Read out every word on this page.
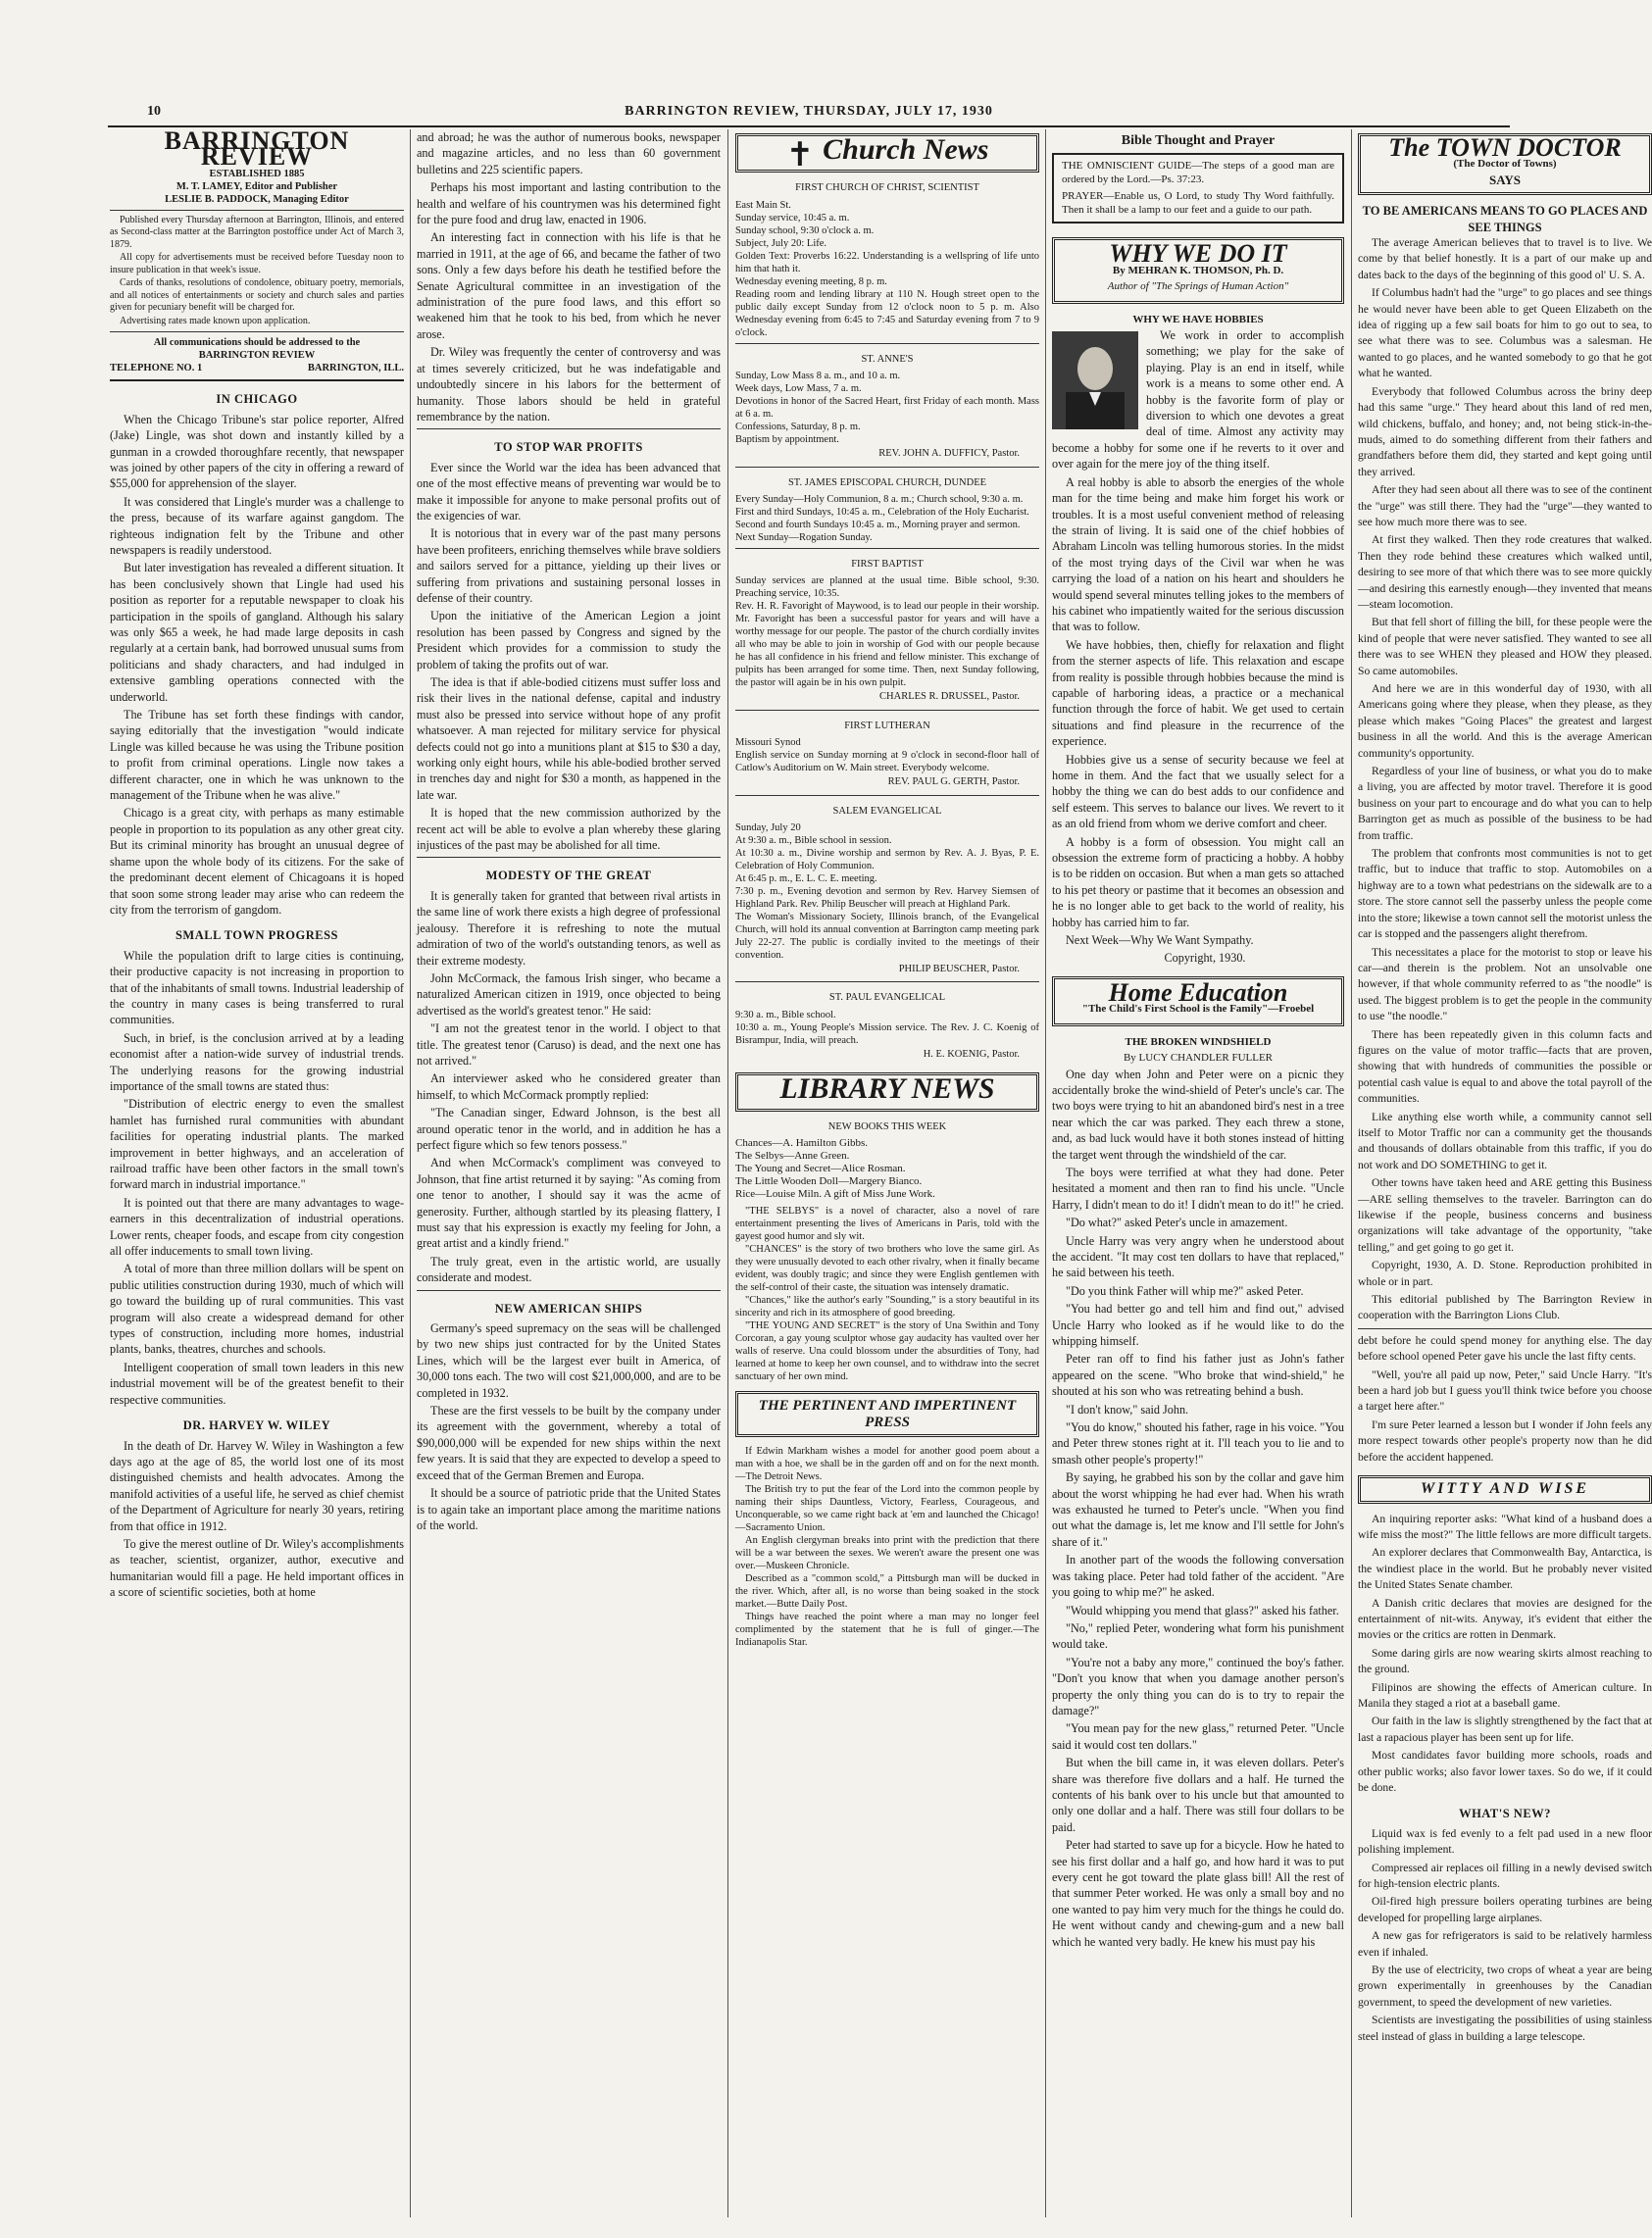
10	BARRINGTON REVIEW, THURSDAY, JULY 17, 1930
BARRINGTON REVIEW
ESTABLISHED 1885
M. T. LAMEY, Editor and Publisher
LESLIE B. PADDOCK, Managing Editor

Published every Thursday afternoon at Barrington, Illinois, and entered as Second-class matter at the Barrington postoffice under Act of March 3, 1879.

All copy for advertisements must be received before Tuesday noon to insure publication in that week's issue.

Cards of thanks, resolutions of condolence, obituary poetry, memorials, and all notices of entertainments or society and church sales and parties given for pecuniary benefit will be charged for.

Advertising rates made known upon application.

All communications should be addressed to the
BARRINGTON REVIEW
TELEPHONE NO. 1	BARRINGTON, ILL.
IN CHICAGO

When the Chicago Tribune's star police reporter, Alfred (Jake) Lingle, was shot down and instantly killed by a gunman in a crowded thoroughfare recently, that newspaper was joined by other papers of the city in offering a reward of $55,000 for apprehension of the slayer.

It was considered that Lingle's murder was a challenge to the press, because of its warfare against gangdom. The righteous indignation felt by the Tribune and other newspapers is readily understood.

But later investigation has revealed a different situation. It has been conclusively shown that Lingle had used his position as reporter for a reputable newspaper to cloak his participation in the spoils of gangland. Although his salary was only $65 a week, he had made large deposits in cash regularly at a certain bank, had borrowed unusual sums from politicians and shady characters, and had indulged in extensive gambling operations connected with the underworld.

The Tribune has set forth these findings with candor, saying editorially that the investigation "would indicate Lingle was killed because he was using the Tribune position to profit from criminal operations. Lingle now takes a different character, one in which he was unknown to the management of the Tribune when he was alive."

Chicago is a great city, with perhaps as many estimable people in proportion to its population as any other great city. But its criminal minority has brought an unusual degree of shame upon the whole body of its citizens. For the sake of the predominant decent element of Chicagoans it is hoped that soon some strong leader may arise who can redeem the city from the terrorism of gangdom.

SMALL TOWN PROGRESS

While the population drift to large cities is continuing, their productive capacity is not increasing in proportion to that of the inhabitants of small towns. Industrial leadership of the country in many cases is being transferred to rural communities.

Such, in brief, is the conclusion arrived at by a leading economist after a nation-wide survey of industrial trends. The underlying reasons for the growing industrial importance of the small towns are stated thus:

"Distribution of electric energy to even the smallest hamlet has furnished rural communities with abundant facilities for operating industrial plants. The marked improvement in better highways, and an acceleration of railroad traffic have been other factors in the small town's forward march in industrial importance."

It is pointed out that there are many advantages to wage-earners in this decentralization of industrial operations. Lower rents, cheaper foods, and escape from city congestion all offer inducements to small town living.

A total of more than three million dollars will be spent on public utilities construction during 1930, much of which will go toward the building up of rural communities. This vast program will also create a widespread demand for other types of construction, including more homes, industrial plants, banks, theatres, churches and schools.

Intelligent cooperation of small town leaders in this new industrial movement will be of the greatest benefit to their respective communities.

DR. HARVEY W. WILEY

In the death of Dr. Harvey W. Wiley in Washington a few days ago at the age of 85, the world lost one of its most distinguished chemists and health advocates. Among the manifold activities of a useful life, he served as chief chemist of the Department of Agriculture for nearly 30 years, retiring from that office in 1912.

To give the merest outline of Dr. Wiley's accomplishments as teacher, scientist, organizer, author, executive and humanitarian would fill a page. He held important offices in a score of scientific societies, both at home

and abroad; he was the author of numerous books, newspaper and magazine articles, and no less than 60 government bulletins and 225 scientific papers.

Perhaps his most important and lasting contribution to the health and welfare of his countrymen was his determined fight for the pure food and drug law, enacted in 1906.

An interesting fact in connection with his life is that he married in 1911, at the age of 66, and became the father of two sons. Only a few days before his death he testified before the Senate Agricultural committee in an investigation of the administration of the pure food laws, and this effort so weakened him that he took to his bed, from which he never arose.

Dr. Wiley was frequently the center of controversy and was at times severely criticized, but he was indefatigable and undoubtedly sincere in his labors for the betterment of humanity. Those labors should be held in grateful remembrance by the nation.

TO STOP WAR PROFITS

Ever since the World war the idea has been advanced that one of the most effective means of preventing war would be to make it impossible for anyone to make personal profits out of the exigencies of war.

It is notorious that in every war of the past many persons have been profiteers, enriching themselves while brave soldiers and sailors served for a pittance, yielding up their lives or suffering from privations and sustaining personal losses in defense of their country.

Upon the initiative of the American Legion a joint resolution has been passed by Congress and signed by the President which provides for a commission to study the problem of taking the profits out of war.

The idea is that if able-bodied citizens must suffer loss and risk their lives in the national defense, capital and industry must also be pressed into service without hope of any profit whatsoever. A man rejected for military service for physical defects could not go into a munitions plant at $15 to $30 a day, working only eight hours, while his able-bodied brother served in trenches day and night for $30 a month, as happened in the late war.

It is hoped that the new commission authorized by the recent act will be able to evolve a plan whereby these glaring injustices of the past may be abolished for all time.

MODESTY OF THE GREAT

It is generally taken for granted that between rival artists in the same line of work there exists a high degree of professional jealousy. Therefore it is refreshing to note the mutual admiration of two of the world's outstanding tenors, as well as their extreme modesty.

John McCormack, the famous Irish singer, who became a naturalized American citizen in 1919, once objected to being advertised as the world's greatest tenor." He said:

"I am not the greatest tenor in the world. I object to that title. The greatest tenor (Caruso) is dead, and the next one has not arrived."

An interviewer asked who he considered greater than himself, to which McCormack promptly replied:

"The Canadian singer, Edward Johnson, is the best all around operatic tenor in the world, and in addition he has a perfect figure which so few tenors possess."

And when McCormack's compliment was conveyed to Johnson, that fine artist returned it by saying: "As coming from one tenor to another, I should say it was the acme of generosity. Further, although startled by its pleasing flattery, I must say that his expression is exactly my feeling for John, a great artist and a kindly friend."

The truly great, even in the artistic world, are usually considerate and modest.

NEW AMERICAN SHIPS

Germany's speed supremacy on the seas will be challenged by two new ships just contracted for by the United States Lines, which will be the largest ever built in America, of 30,000 tons each. The two will cost $21,000,000, and are to be completed in 1932.

These are the first vessels to be built by the company under its agreement with the government, whereby a total of $90,000,000 will be expended for new ships within the next few years. It is said that they are expected to develop a speed to exceed that of the German Bremen and Europa.

It should be a source of patriotic pride that the United States is to again take an important place among the maritime nations of the world.

✝ Church News
FIRST CHURCH OF CHRIST, SCIENTIST

East Main St.

Sunday service, 10:45 a. m.

Sunday school, 9:30 o'clock a. m.

Subject, July 20: Life.

Golden Text: Proverbs 16:22. Understanding is a wellspring of life unto him that hath it.

Wednesday evening meeting, 8 p. m.

Reading room and lending library at 110 N. Hough street open to the public daily except Sunday from 12 o'clock noon to 5 p. m. Also Wednesday evening from 6:45 to 7:45 and Saturday evening from 7 to 9 o'clock.

ST. ANNE'S

Sunday, Low Mass 8 a. m., and 10 a. m.

Week days, Low Mass, 7 a. m.

Devotions in honor of the Sacred Heart, first Friday of each month. Mass at 6 a. m.

Confessions, Saturday, 8 p. m.

Baptism by appointment.

REV. JOHN A. DUFFICY, Pastor.
ST. JAMES EPISCOPAL CHURCH, DUNDEE

Every Sunday—Holy Communion, 8 a. m.; Church school, 9:30 a. m.

First and third Sundays, 10:45 a. m., Celebration of the Holy Eucharist.

Second and fourth Sundays 10:45 a. m., Morning prayer and sermon.

Next Sunday—Rogation Sunday.

FIRST BAPTIST

Sunday services are planned at the usual time. Bible school, 9:30. Preaching service, 10:35.

Rev. H. R. Favoright of Maywood, is to lead our people in their worship. Mr. Favoright has been a successful pastor for years and will have a worthy message for our people. The pastor of the church cordially invites all who may be able to join in worship of God with our people because he has all confidence in his friend and fellow minister. This exchange of pulpits has been arranged for some time. Then, next Sunday following, the pastor will again be in his own pulpit.

CHARLES R. DRUSSEL, Pastor.
FIRST LUTHERAN

Missouri Synod

English service on Sunday morning at 9 o'clock in second-floor hall of Catlow's Auditorium on W. Main street. Everybody welcome.

REV. PAUL G. GERTH, Pastor.
SALEM EVANGELICAL

Sunday, July 20

At 9:30 a. m., Bible school in session.

At 10:30 a. m., Divine worship and sermon by Rev. A. J. Byas, P. E. Celebration of Holy Communion.

At 6:45 p. m., E. L. C. E. meeting.

7:30 p. m., Evening devotion and sermon by Rev. Harvey Siemsen of Highland Park. Rev. Philip Beuscher will preach at Highland Park.

The Woman's Missionary Society, Illinois branch, of the Evangelical Church, will hold its annual convention at Barrington camp meeting park July 22-27. The public is cordially invited to the meetings of their convention.

PHILIP BEUSCHER, Pastor.
ST. PAUL EVANGELICAL

9:30 a. m., Bible school.

10:30 a. m., Young People's Mission service. The Rev. J. C. Koenig of Bisrampur, India, will preach.

H. E. KOENIG, Pastor.
LIBRARY NEWS
NEW BOOKS THIS WEEK

Chances—A. Hamilton Gibbs.

The Selbys—Anne Green.

The Young and Secret—Alice Rosman.

The Little Wooden Doll—Margery Bianco.

Rice—Louise Miln. A gift of Miss June Work.

"THE SELBYS" is a novel of character, also a novel of rare entertainment presenting the lives of Americans in Paris, told with the gayest good humor and sly wit.

"CHANCES" is the story of two brothers who love the same girl. As they were unusually devoted to each other rivalry, when it finally became evident, was doubly tragic; and since they were English gentlemen with the self-control of their caste, the situation was intensely dramatic.

"Chances," like the author's early "Sounding," is a story beautiful in its sincerity and rich in its atmosphere of good breeding.

"THE YOUNG AND SECRET" is the story of Una Swithin and Tony Corcoran, a gay young sculptor whose gay audacity has vaulted over her walls of reserve. Una could blossom under the absurdities of Tony, had learned at home to keep her own counsel, and to withdraw into the secret sanctuary of her own mind.

THE PERTINENT AND IMPERTINENT PRESS

If Edwin Markham wishes a model for another good poem about a man with a hoe, we shall be in the garden off and on for the next month.—The Detroit News.

The British try to put the fear of the Lord into the common people by naming their ships Dauntless, Victory, Fearless, Courageous, and Unconquerable, so we came right back at 'em and launched the Chicago!—Sacramento Union.

An English clergyman breaks into print with the prediction that there will be a war between the sexes. We weren't aware the present one was over.—Muskeen Chronicle.

Described as a "common scold," a Pittsburgh man will be ducked in the river. Which, after all, is no worse than being soaked in the stock market.—Butte Daily Post.

Things have reached the point where a man may no longer feel complimented by the statement that he is full of ginger.—The Indianapolis Star.

Bible Thought and Prayer
THE OMNISCIENT GUIDE—The steps of a good man are ordered by the Lord.—Ps. 37:23.
PRAYER—Enable us, O Lord, to study Thy Word faithfully. Then it shall be a lamp to our feet and a guide to our path.
WHY WE DO IT
By MEHRAN K. THOMSON, Ph. D.
Author of "The Springs of Human Action"
WHY WE HAVE HOBBIES

We work in order to accomplish something; we play for the sake of playing. Play is an end in itself, while work is a means to some other end. A hobby is the favorite form of play or diversion to which one devotes a great deal of time. Almost any activity may become a hobby for some one if he reverts to it over and over again for the mere joy of the thing itself.

A real hobby is able to absorb the energies of the whole man for the time being and make him forget his work or troubles. It is a most useful convenient method of releasing the strain of living. It is said one of the chief hobbies of Abraham Lincoln was telling humorous stories. In the midst of the most trying days of the Civil war when he was carrying the load of a nation on his heart and shoulders he would spend several minutes telling jokes to the members of his cabinet who impatiently waited for the serious discussion that was to follow.

We have hobbies, then, chiefly for relaxation and flight from the sterner aspects of life. This relaxation and escape from reality is possible through hobbies because the mind is capable of harboring ideas, a practice or a mechanical function through the force of habit. We get used to certain situations and find pleasure in the recurrence of the experience.

Hobbies give us a sense of security because we feel at home in them. And the fact that we usually select for a hobby the thing we can do best adds to our confidence and self esteem. This serves to balance our lives. We revert to it as an old friend from whom we derive comfort and cheer.

A hobby is a form of obsession. You might call an obsession the extreme form of practicing a hobby. A hobby is to be ridden on occasion. But when a man gets so attached to his pet theory or pastime that it becomes an obsession and he is no longer able to get back to the world of reality, his hobby has carried him to far.

Next Week—Why We Want Sympathy.

Copyright, 1930.

Home Education
"The Child's First School is the Family"—Froebel
THE BROKEN WINDSHIELD
By LUCY CHANDLER FULLER

One day when John and Peter were on a picnic they accidentally broke the wind-shield of Peter's uncle's car. The two boys were trying to hit an abandoned bird's nest in a tree near which the car was parked. They each threw a stone, and, as bad luck would have it both stones instead of hitting the target went through the windshield of the car.

The boys were terrified at what they had done. Peter hesitated a moment and then ran to find his uncle. "Uncle Harry, I didn't mean to do it! I didn't mean to do it!" he cried.

"Do what?" asked Peter's uncle in amazement.

Uncle Harry was very angry when he understood about the accident. "It may cost ten dollars to have that replaced," he said between his teeth.

"Do you think Father will whip me?" asked Peter.

"You had better go and tell him and find out," advised Uncle Harry who looked as if he would like to do the whipping himself.

Peter ran off to find his father just as John's father appeared on the scene. "Who broke that wind-shield," he shouted at his son who was retreating behind a bush.

"I don't know," said John.

"You do know," shouted his father, rage in his voice. "You and Peter threw stones right at it. I'll teach you to lie and to smash other people's property!"

By saying, he grabbed his son by the collar and gave him about the worst whipping he had ever had. When his wrath was exhausted he turned to Peter's uncle. "When you find out what the damage is, let me know and I'll settle for John's share of it."

In another part of the woods the following conversation was taking place. Peter had told father of the accident. "Are you going to whip me?" he asked.

"Would whipping you mend that glass?" asked his father.

"No," replied Peter, wondering what form his punishment would take.

"You're not a baby any more," continued the boy's father. "Don't you know that when you damage another person's property the only thing you can do is to try to repair the damage?"

"You mean pay for the new glass," returned Peter. "Uncle said it would cost ten dollars."

But when the bill came in, it was eleven dollars. Peter's share was therefore five dollars and a half. He turned the contents of his bank over to his uncle but that amounted to only one dollar and a half. There was still four dollars to be paid.

Peter had started to save up for a bicycle. How he hated to see his first dollar and a half go, and how hard it was to put every cent he got toward the plate glass bill! All the rest of that summer Peter worked. He was only a small boy and no one wanted to pay him very much for the things he could do. He went without candy and chewing-gum and a new ball which he wanted very badly. He knew his must pay his

The TOWN DOCTOR
(The Doctor of Towns)
SAYS
TO BE AMERICANS MEANS TO GO PLACES AND SEE THINGS

The average American believes that to travel is to live. We come by that belief honestly. It is a part of our make up and dates back to the days of the beginning of this good ol' U. S. A.

If Columbus hadn't had the "urge" to go places and see things he would never have been able to get Queen Elizabeth on the idea of rigging up a few sail boats for him to go out to sea, to see what there was to see. Columbus was a salesman. He wanted to go places, and he wanted somebody to go that he got what he wanted.

Everybody that followed Columbus across the briny deep had this same "urge." They heard about this land of red men, wild chickens, buffalo, and honey; and, not being stick-in-the-muds, aimed to do something different from their fathers and grandfathers before them did, they started and kept going until they arrived.

After they had seen about all there was to see of the continent the "urge" was still there. They had the "urge"—they wanted to see how much more there was to see.

At first they walked. Then they rode creatures that walked. Then they rode behind these creatures which walked until, desiring to see more of that which there was to see more quickly—and desiring this earnestly enough—they invented that means—steam locomotion.

But that fell short of filling the bill, for these people were the kind of people that were never satisfied. They wanted to see all there was to see WHEN they pleased and HOW they pleased. So came automobiles.

And here we are in this wonderful day of 1930, with all Americans going where they please, when they please, as they please which makes "Going Places" the greatest and largest business in all the world. And this is the average American community's opportunity.

Regardless of your line of business, or what you do to make a living, you are affected by motor travel. Therefore it is good business on your part to encourage and do what you can to help Barrington get as much as possible of the business to be had from traffic.

The problem that confronts most communities is not to get traffic, but to induce that traffic to stop. Automobiles on a highway are to a town what pedestrians on the sidewalk are to a store. The store cannot sell the passerby unless the people come into the store; likewise a town cannot sell the motorist unless the car is stopped and the passengers alight therefrom.

This necessitates a place for the motorist to stop or leave his car—and therein is the problem. Not an unsolvable one however, if that whole community referred to as "the noodle" is used. The biggest problem is to get the people in the community to use "the noodle."

There has been repeatedly given in this column facts and figures on the value of motor traffic—facts that are proven, showing that with hundreds of communities the possible or potential cash value is equal to and above the total payroll of the communities.

Like anything else worth while, a community cannot sell itself to Motor Traffic nor can a community get the thousands and thousands of dollars obtainable from this traffic, if you do not work and DO SOMETHING to get it.

Other towns have taken heed and ARE getting this Business—ARE selling themselves to the traveler. Barrington can do likewise if the people, business concerns and business organizations will take advantage of the opportunity, "take telling," and get going to go get it.

Copyright, 1930, A. D. Stone. Reproduction prohibited in whole or in part.

This editorial published by The Barrington Review in cooperation with the Barrington Lions Club.

debt before he could spend money for anything else. The day before school opened Peter gave his uncle the last fifty cents.

"Well, you're all paid up now, Peter," said Uncle Harry. "It's been a hard job but I guess you'll think twice before you choose a target here after."

I'm sure Peter learned a lesson but I wonder if John feels any more respect towards other people's property now than he did before the accident happened.

WITTY AND WISE

An inquiring reporter asks: "What kind of a husband does a wife miss the most?" The little fellows are more difficult targets.

An explorer declares that Commonwealth Bay, Antarctica, is the windiest place in the world. But he probably never visited the United States Senate chamber.

A Danish critic declares that movies are designed for the entertainment of nit-wits. Anyway, it's evident that either the movies or the critics are rotten in Denmark.

Some daring girls are now wearing skirts almost reaching to the ground.

Filipinos are showing the effects of American culture. In Manila they staged a riot at a baseball game.

Our faith in the law is slightly strengthened by the fact that at last a rapacious player has been sent up for life.

Most candidates favor building more schools, roads and other public works; also favor lower taxes. So do we, if it could be done.

WHAT'S NEW?

Liquid wax is fed evenly to a felt pad used in a new floor polishing implement.

Compressed air replaces oil filling in a newly devised switch for high-tension electric plants.

Oil-fired high pressure boilers operating turbines are being developed for propelling large airplanes.

A new gas for refrigerators is said to be relatively harmless even if inhaled.

By the use of electricity, two crops of wheat a year are being grown experimentally in greenhouses by the Canadian government, to speed the development of new varieties.

Scientists are investigating the possibilities of using stainless steel instead of glass in building a large telescope.
